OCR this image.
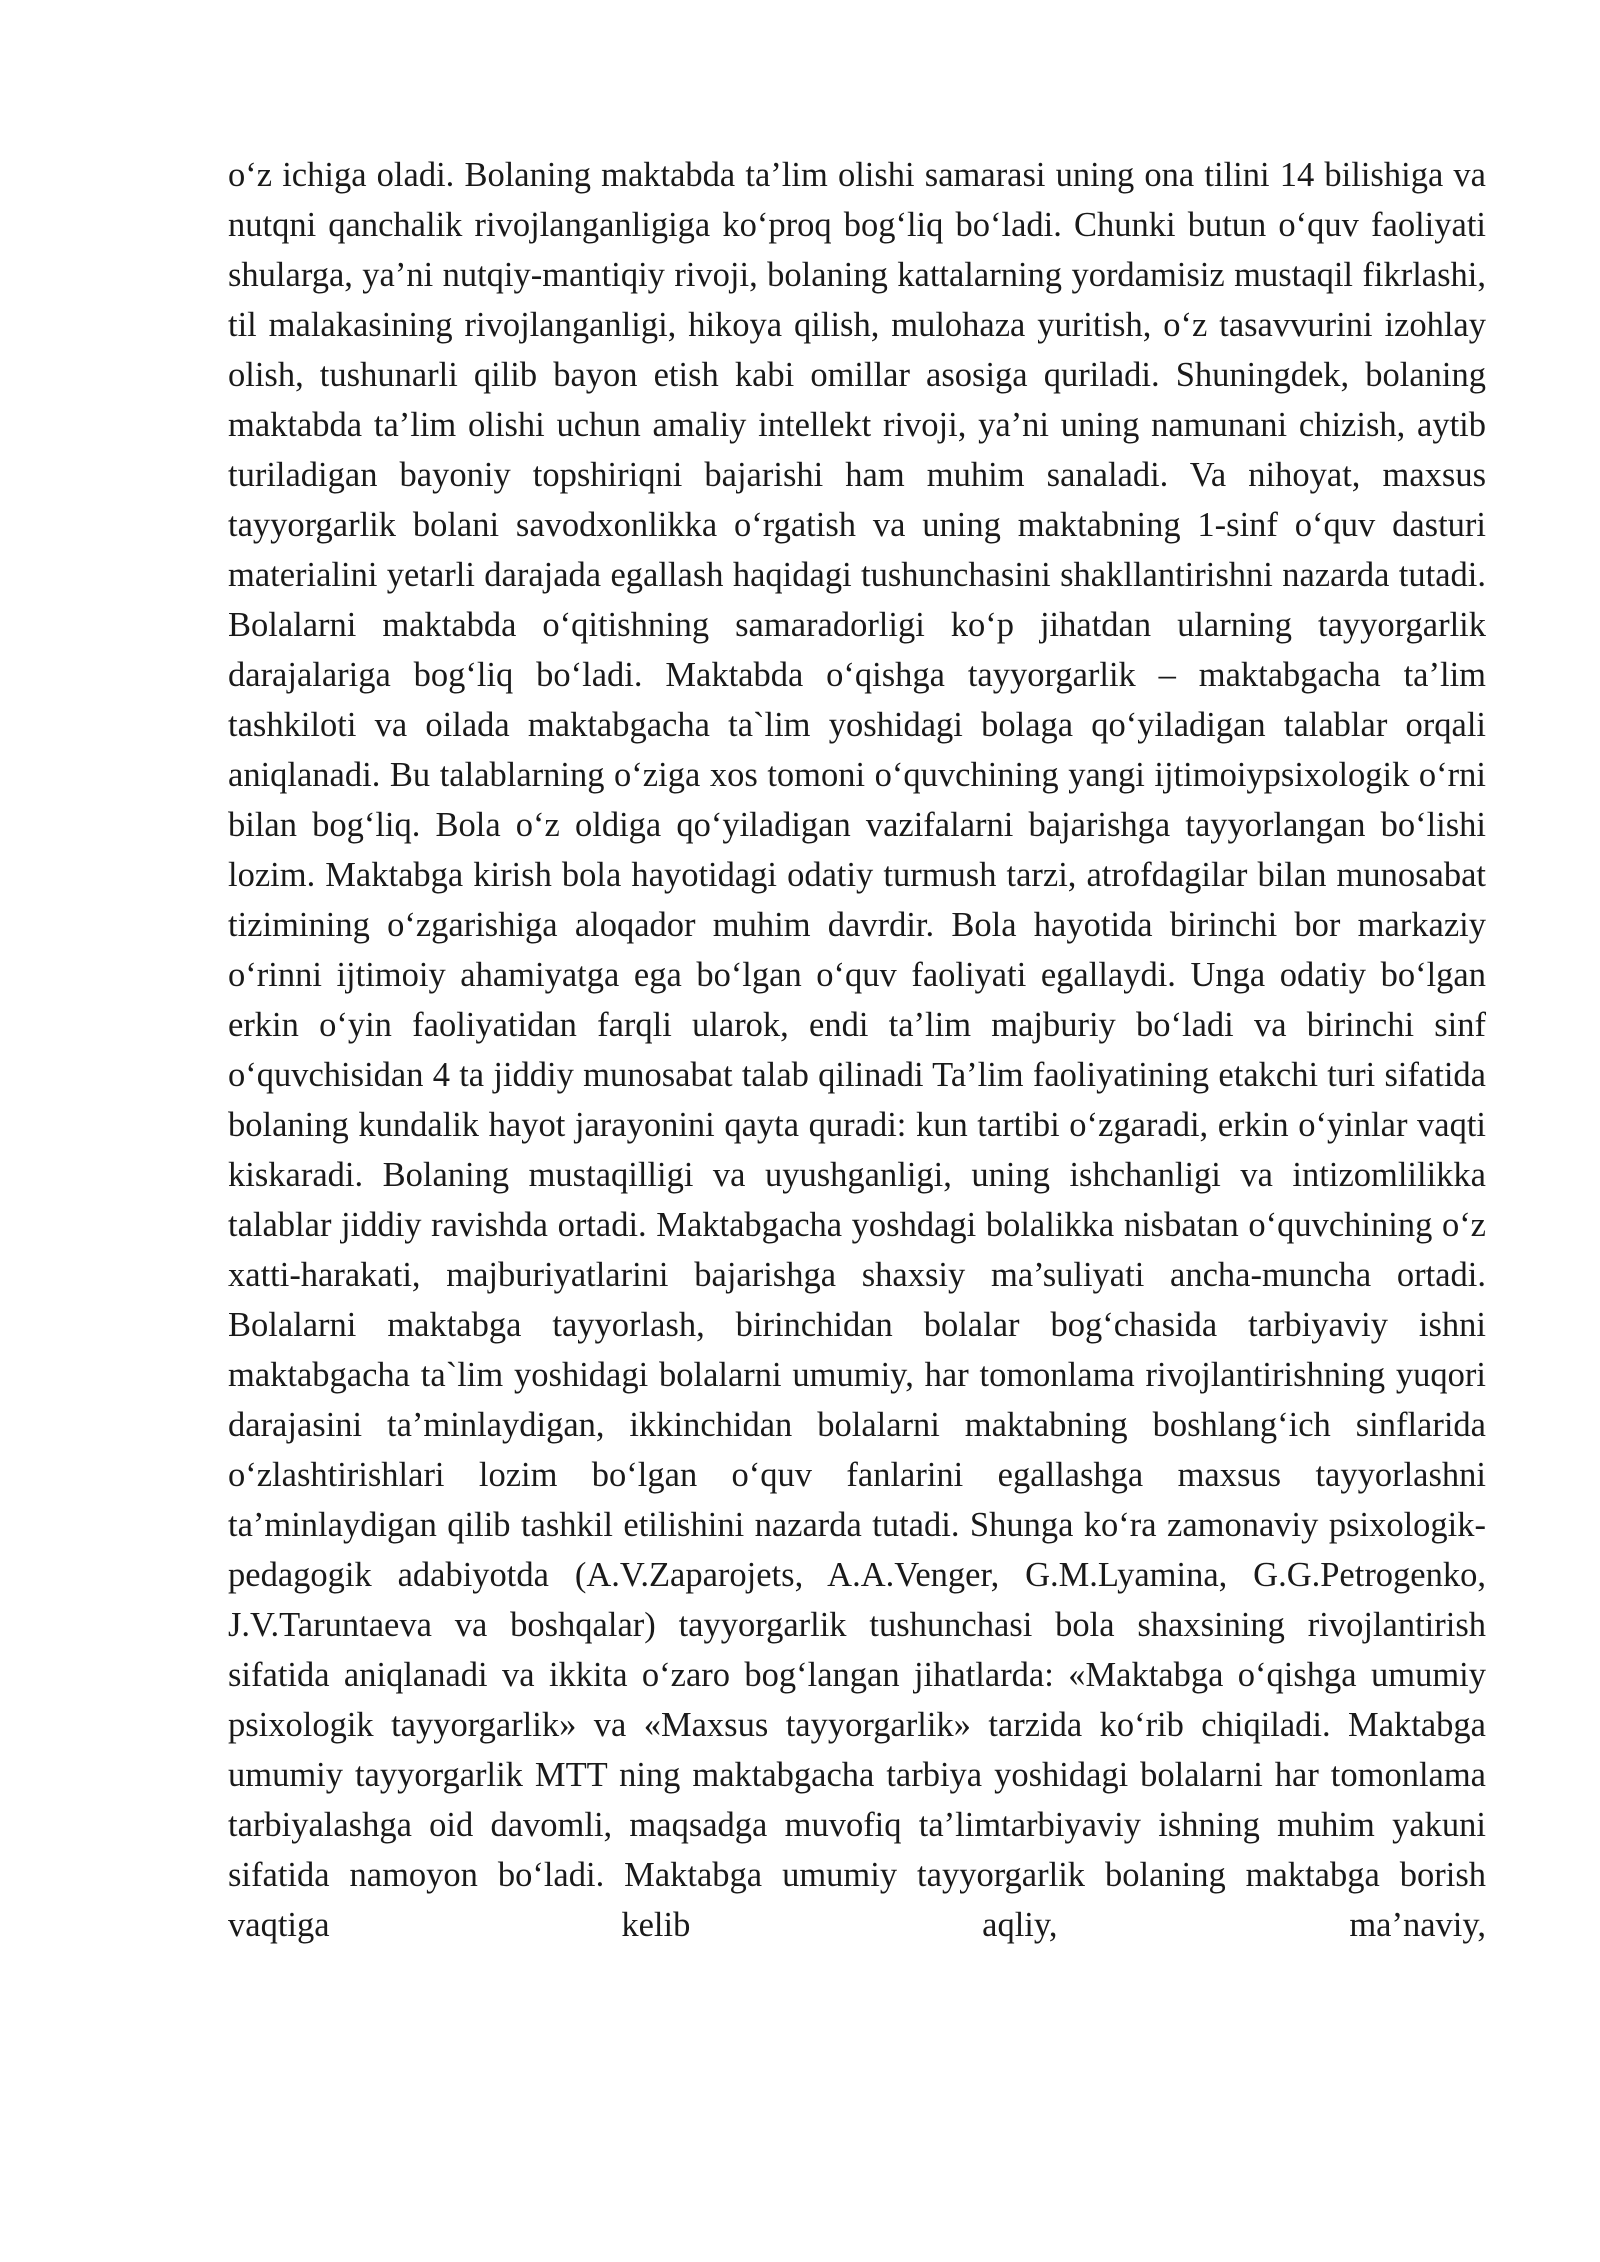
o‘z ichiga oladi. Bolaning maktabda ta’lim olishi samarasi uning ona tilini 14 bilishiga va nutqni qanchalik rivojlanganligiga ko‘proq bog‘liq bo‘ladi. Chunki butun o‘quv faoliyati shularga, ya’ni nutqiy-mantiqiy rivoji, bolaning kattalarning yordamisiz mustaqil fikrlashi, til malakasining rivojlanganligi, hikoya qilish, mulohaza yuritish, o‘z tasavvurini izohlay olish, tushunarli qilib bayon etish kabi omillar asosiga quriladi. Shuningdek, bolaning maktabda ta’lim olishi uchun amaliy intellekt rivoji, ya’ni uning namunani chizish, aytib turiladigan bayoniy topshiriqni bajarishi ham muhim sanaladi. Va nihoyat, maxsus tayyorgarlik bolani savodxonlikka o‘rgatish va uning maktabning 1-sinf o‘quv dasturi materialini yetarli darajada egallash haqidagi tushunchasini shakllantirishni nazarda tutadi. Bolalarni maktabda o‘qitishning samaradorligi ko‘p jihatdan ularning tayyorgarlik darajalariga bog‘liq bo‘ladi. Maktabda o‘qishga tayyorgarlik – maktabgacha ta’lim tashkiloti va oilada maktabgacha ta`lim yoshidagi bolaga qo‘yiladigan talablar orqali aniqlanadi. Bu talablarning o‘ziga xos tomoni o‘quvchining yangi ijtimoiypsixologik o‘rni bilan bog‘liq. Bola o‘z oldiga qo‘yiladigan vazifalarni bajarishga tayyorlangan bo‘lishi lozim. Maktabga kirish bola hayotidagi odatiy turmush tarzi, atrofdagilar bilan munosabat tizimining o‘zgarishiga aloqador muhim davrdir. Bola hayotida birinchi bor markaziy o‘rinni ijtimoiy ahamiyatga ega bo‘lgan o‘quv faoliyati egallaydi. Unga odatiy bo‘lgan erkin o‘yin faoliyatidan farqli ularok, endi ta’lim majburiy bo‘ladi va birinchi sinf o‘quvchisidan 4 ta jiddiy munosabat talab qilinadi Ta’lim faoliyatining etakchi turi sifatida bolaning kundalik hayot jarayonini qayta quradi: kun tartibi o‘zgaradi, erkin o‘yinlar vaqti kiskaradi. Bolaning mustaqilligi va uyushganligi, uning ishchanligi va intizomlilikka talablar jiddiy ravishda ortadi. Maktabgacha yoshdagi bolalikka nisbatan o‘quvchining o‘z xatti-harakati, majburiyatlarini bajarishga shaxsiy ma’suliyati ancha-muncha ortadi. Bolalarni maktabga tayyorlash, birinchidan bolalar bog‘chasida tarbiyaviy ishni maktabgacha ta`lim yoshidagi bolalarni umumiy, har tomonlama rivojlantirishning yuqori darajasini ta’minlaydigan, ikkinchidan bolalarni maktabning boshlang‘ich sinflarida o‘zlashtirishlari lozim bo‘lgan o‘quv fanlarini egallashga maxsus tayyorlashni ta’minlaydigan qilib tashkil etilishini nazarda tutadi. Shunga ko‘ra zamonaviy psixologik-pedagogik adabiyotda (A.V.Zaparojets, A.A.Venger, G.M.Lyamina, G.G.Petrogenko, J.V.Taruntaeva va boshqalar) tayyorgarlik tushunchasi bola shaxsining rivojlantirish sifatida aniqlanadi va ikkita o‘zaro bog‘langan jihatlarda: «Maktabga o‘qishga umumiy psixologik tayyorgarlik» va «Maxsus tayyorgarlik» tarzida ko‘rib chiqiladi. Maktabga umumiy tayyorgarlik MTT ning maktabgacha tarbiya yoshidagi bolalarni har tomonlama tarbiyalashga oid davomli, maqsadga muvofiq ta’limtarbiyaviy ishning muhim yakuni sifatida namoyon bo‘ladi. Maktabga umumiy tayyorgarlik bolaning maktabga borish vaqtiga kelib aqliy, ma’naviy,
